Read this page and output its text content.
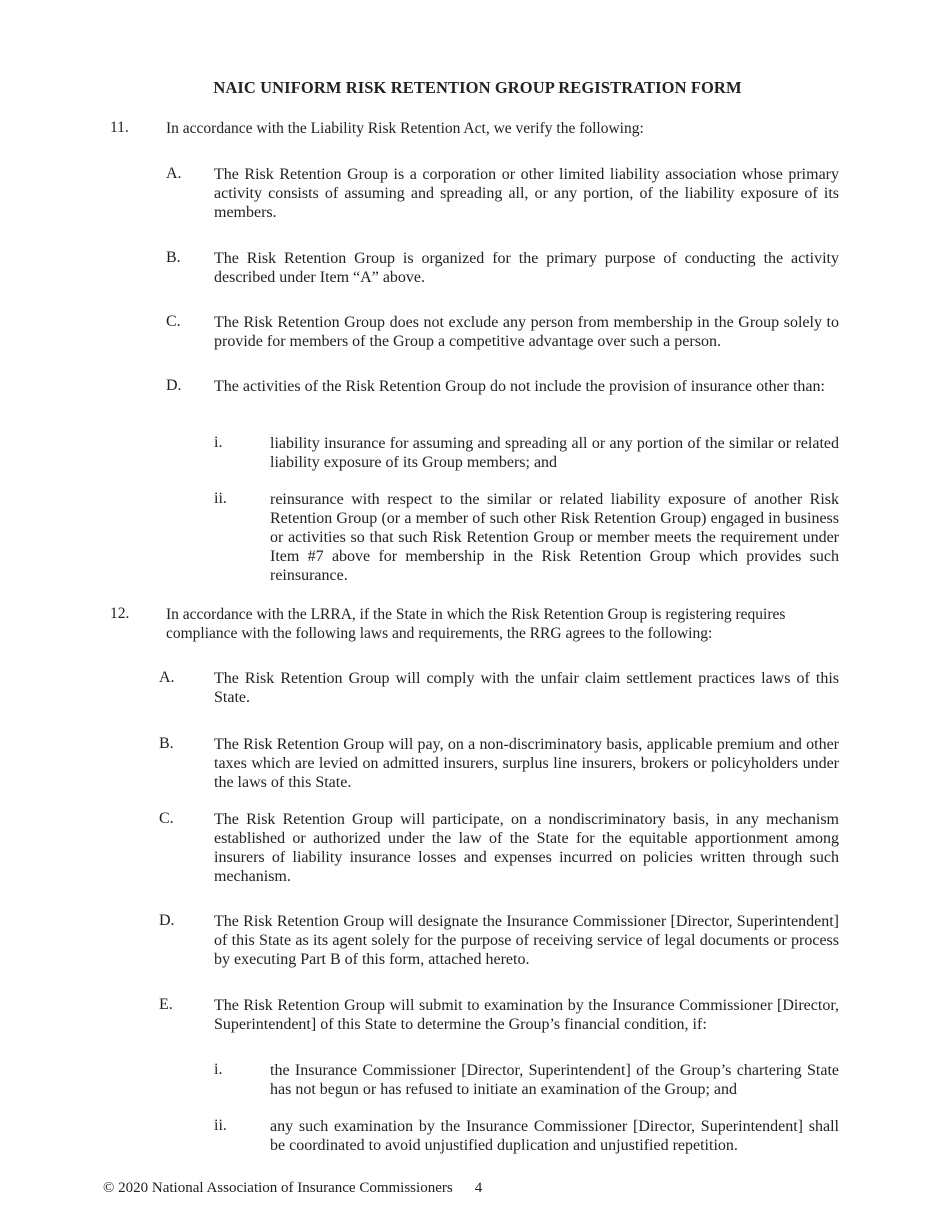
NAIC UNIFORM RISK RETENTION GROUP REGISTRATION FORM
11. In accordance with the Liability Risk Retention Act, we verify the following:
A. The Risk Retention Group is a corporation or other limited liability association whose primary activity consists of assuming and spreading all, or any portion, of the liability exposure of its members.
B. The Risk Retention Group is organized for the primary purpose of conducting the activity described under Item “A” above.
C. The Risk Retention Group does not exclude any person from membership in the Group solely to provide for members of the Group a competitive advantage over such a person.
D. The activities of the Risk Retention Group do not include the provision of insurance other than:
i.	liability insurance for assuming and spreading all or any portion of the similar or related liability exposure of its Group members; and
ii.	reinsurance with respect to the similar or related liability exposure of another Risk Retention Group (or a member of such other Risk Retention Group) engaged in business or activities so that such Risk Retention Group or member meets the requirement under Item #7 above for membership in the Risk Retention Group which provides such reinsurance.
12. In accordance with the LRRA, if the State in which the Risk Retention Group is registering requires compliance with the following laws and requirements, the RRG agrees to the following:
A. The Risk Retention Group will comply with the unfair claim settlement practices laws of this State.
B.	The Risk Retention Group will pay, on a non-discriminatory basis, applicable premium and other taxes which are levied on admitted insurers, surplus line insurers, brokers or policyholders under the laws of this State.
C.	The Risk Retention Group will participate, on a nondiscriminatory basis, in any mechanism established or authorized under the law of the State for the equitable apportionment among insurers of liability insurance losses and expenses incurred on policies written through such mechanism.
D. The Risk Retention Group will designate the Insurance Commissioner [Director, Superintendent] of this State as its agent solely for the purpose of receiving service of legal documents or process by executing Part B of this form, attached hereto.
E.	The Risk Retention Group will submit to examination by the Insurance Commissioner [Director, Superintendent] of this State to determine the Group’s financial condition, if:
i.	the Insurance Commissioner [Director, Superintendent] of the Group’s chartering State has not begun or has refused to initiate an examination of the Group; and
ii.	any such examination by the Insurance Commissioner [Director, Superintendent] shall be coordinated to avoid unjustified duplication and unjustified repetition.
© 2020 National Association of Insurance Commissioners 4
